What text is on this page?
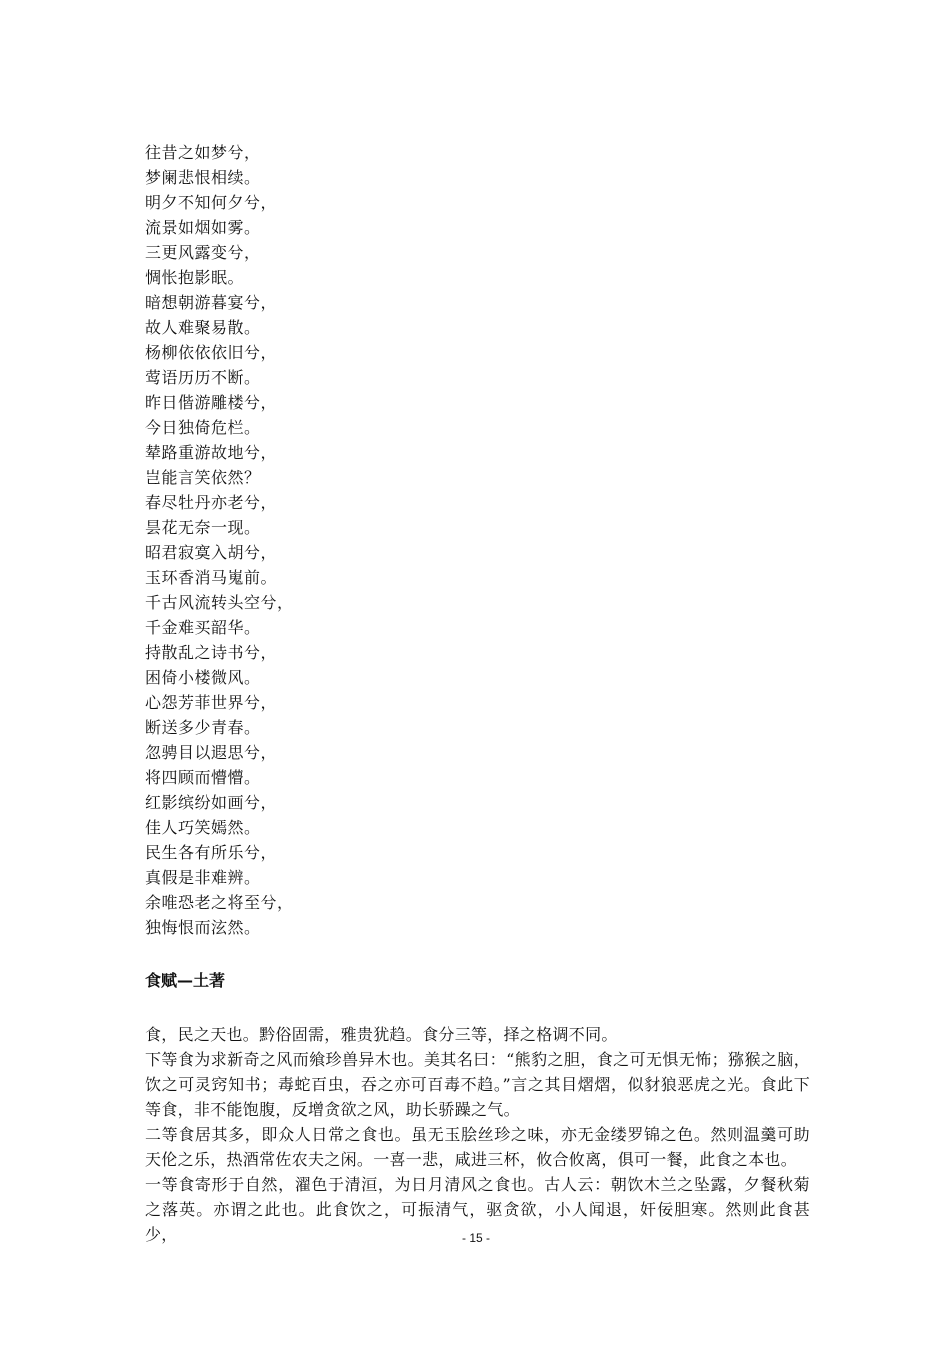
往昔之如梦兮，
梦阑悲恨相续。
明夕不知何夕兮，
流景如烟如雾。
三更风露变兮，
惆怅抱影眠。
暗想朝游暮宴兮，
故人难聚易散。
杨柳依依依旧兮，
莺语历历不断。
昨日偕游雕楼兮，
今日独倚危栏。
辇路重游故地兮，
岂能言笑依然？
春尽牡丹亦老兮，
昙花无奈一现。
昭君寂寞入胡兮，
玉环香消马嵬前。
千古风流转头空兮，
千金难买韶华。
持散乱之诗书兮，
困倚小楼微风。
心怨芳菲世界兮，
断送多少青春。
忽骋目以遐思兮，
将四顾而懵懵。
红影缤纷如画兮，
佳人巧笑嫣然。
民生各有所乐兮，
真假是非难辨。
余唯恐老之将至兮，
独悔恨而泫然。
食赋—土著

食，民之天也。黔俗固需，雅贵犹趋。食分三等，择之格调不同。

下等食为求新奇之风而飨珍兽异木也。美其名曰：“熊豹之胆，食之可无惧无怖；猕猴之脑，饮之可灵窍知书；毒蛇百虫，吞之亦可百毒不趋。”言之其目熠熠，似豺狼恶虎之光。食此下等食，非不能饱腹，反增贪欲之风，助长骄躁之气。

二等食居其多，即众人日常之食也。虽无玉脍丝珍之味，亦无金缕罗锦之色。然则温羹可助天伦之乐，热酒常佐农夫之闲。一喜一悲，咸进三杯，攸合攸离，俱可一餐，此食之本也。

一等食寄形于自然，濯色于清洹，为日月清风之食也。古人云：朝饮木兰之坠露，夕餐秋菊之落英。亦谓之此也。此食饮之，可振清气，驱贪欲，小人闻退，奸佞胆寒。然则此食甚少，	- 15 -
